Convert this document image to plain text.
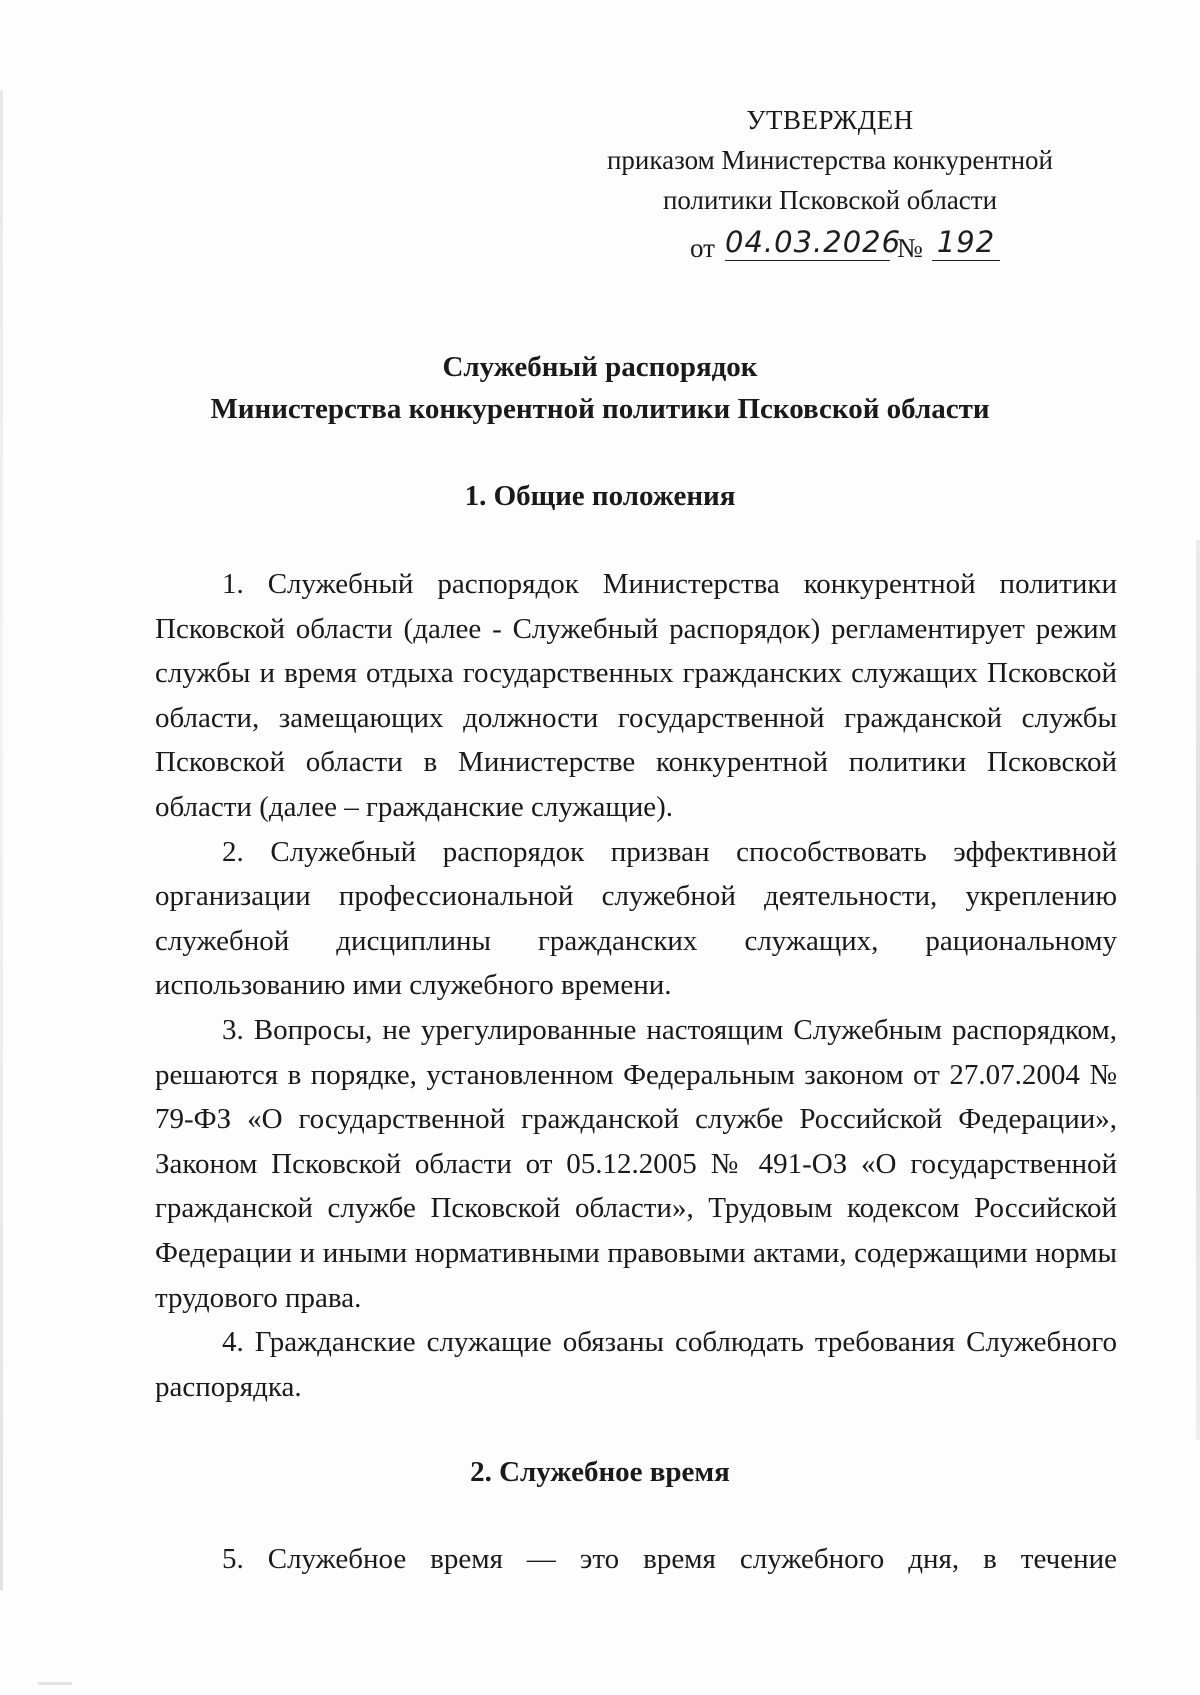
УТВЕРЖДЕН
приказом Министерства конкурентной
политики Псковской области
от 04.03.2026
№ 192
Служебный распорядок
Министерства конкурентной политики Псковской области
1. Общие положения

1. Служебный распорядок Министерства конкурентной политики Псковской области (далее - Служебный распорядок) регламентирует режим службы и время отдыха государственных гражданских служащих Псковской области, замещающих должности государственной гражданской службы Псковской области в Министерстве конкурентной политики Псковской области (далее – гражданские служащие).

2. Служебный распорядок призван способствовать эффективной организации профессиональной служебной деятельности, укреплению служебной дисциплины гражданских служащих, рациональному использованию ими служебного времени.

3. Вопросы, не урегулированные настоящим Служебным распорядком, решаются в порядке, установленном Федеральным законом от 27.07.2004 № 79-ФЗ «О государственной гражданской службе Российской Федерации», Законом Псковской области от 05.12.2005 № 491-ОЗ «О государственной гражданской службе Псковской области», Трудовым кодексом Российской Федерации и иными нормативными правовыми актами, содержащими нормы трудового права.

4. Гражданские служащие обязаны соблюдать требования Служебного распорядка.

2. Служебное время

5. Служебное время — это время служебного дня, в течение
